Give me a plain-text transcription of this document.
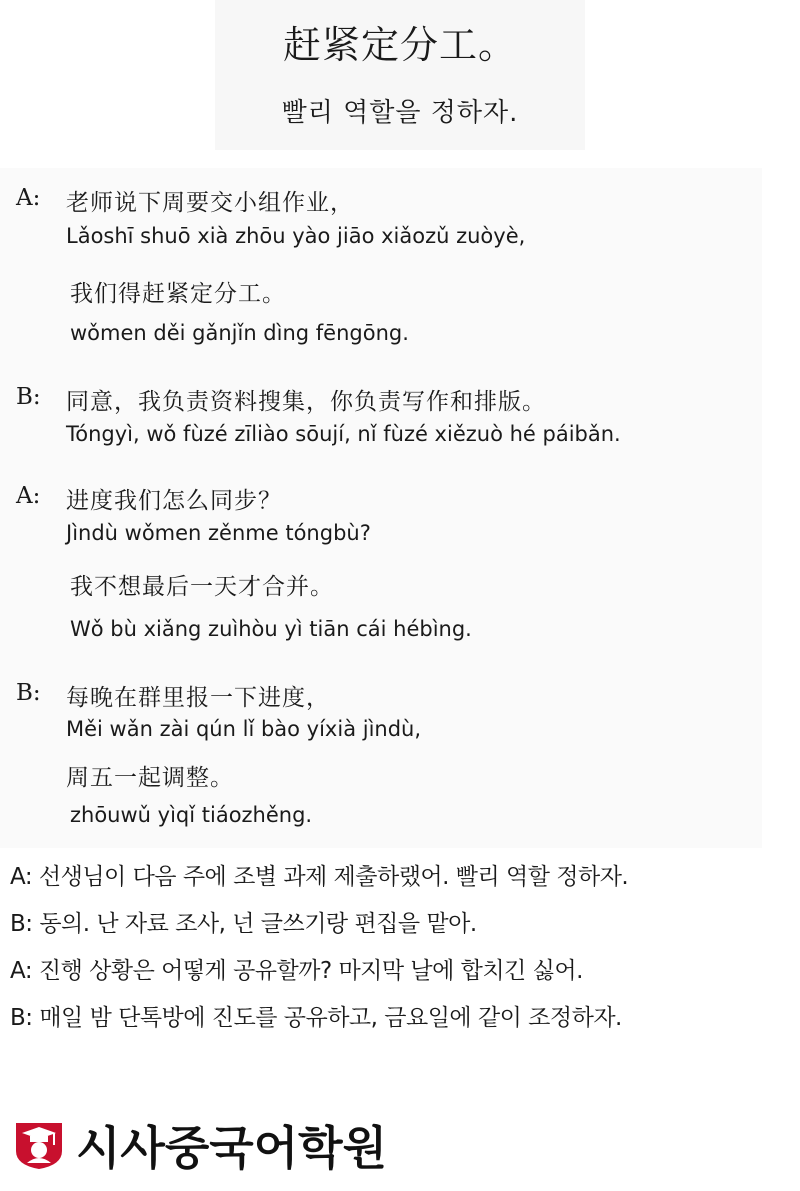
赶紧定分工。
빨리 역할을 정하자.
A: 老师说下周要交小组作业，
Lǎoshī shuō xià zhōu yào jiāo xiǎozǔ zuòyè,
我们得赶紧定分工。
wǒmen děi gǎnjǐn dìng fēngōng.
B: 同意，我负责资料搜集，你负责写作和排版。
Tóngyì, wǒ fùzé zīliào sōují, nǐ fùzé xiězuò hé páibǎn.
A: 进度我们怎么同步？
Jìndù wǒmen zěnme tóngbù?
我不想最后一天才合并。
Wǒ bù xiǎng zuìhòu yì tiān cái hébìng.
B: 每晚在群里报一下进度，
Měi wǎn zài qún lǐ bào yíxià jìndù,
周五一起调整。
zhōuwǔ yìqǐ tiáozhěng.
A: 선생님이 다음 주에 조별 과제 제출하랬어. 빨리 역할 정하자.
B: 동의. 난 자료 조사, 넌 글쓰기랑 편집을 맡아.
A: 진행 상황은 어떻게 공유할까? 마지막 날에 합치긴 싫어.
B: 매일 밤 단톡방에 진도를 공유하고, 금요일에 같이 조정하자.
시사중국어학원
